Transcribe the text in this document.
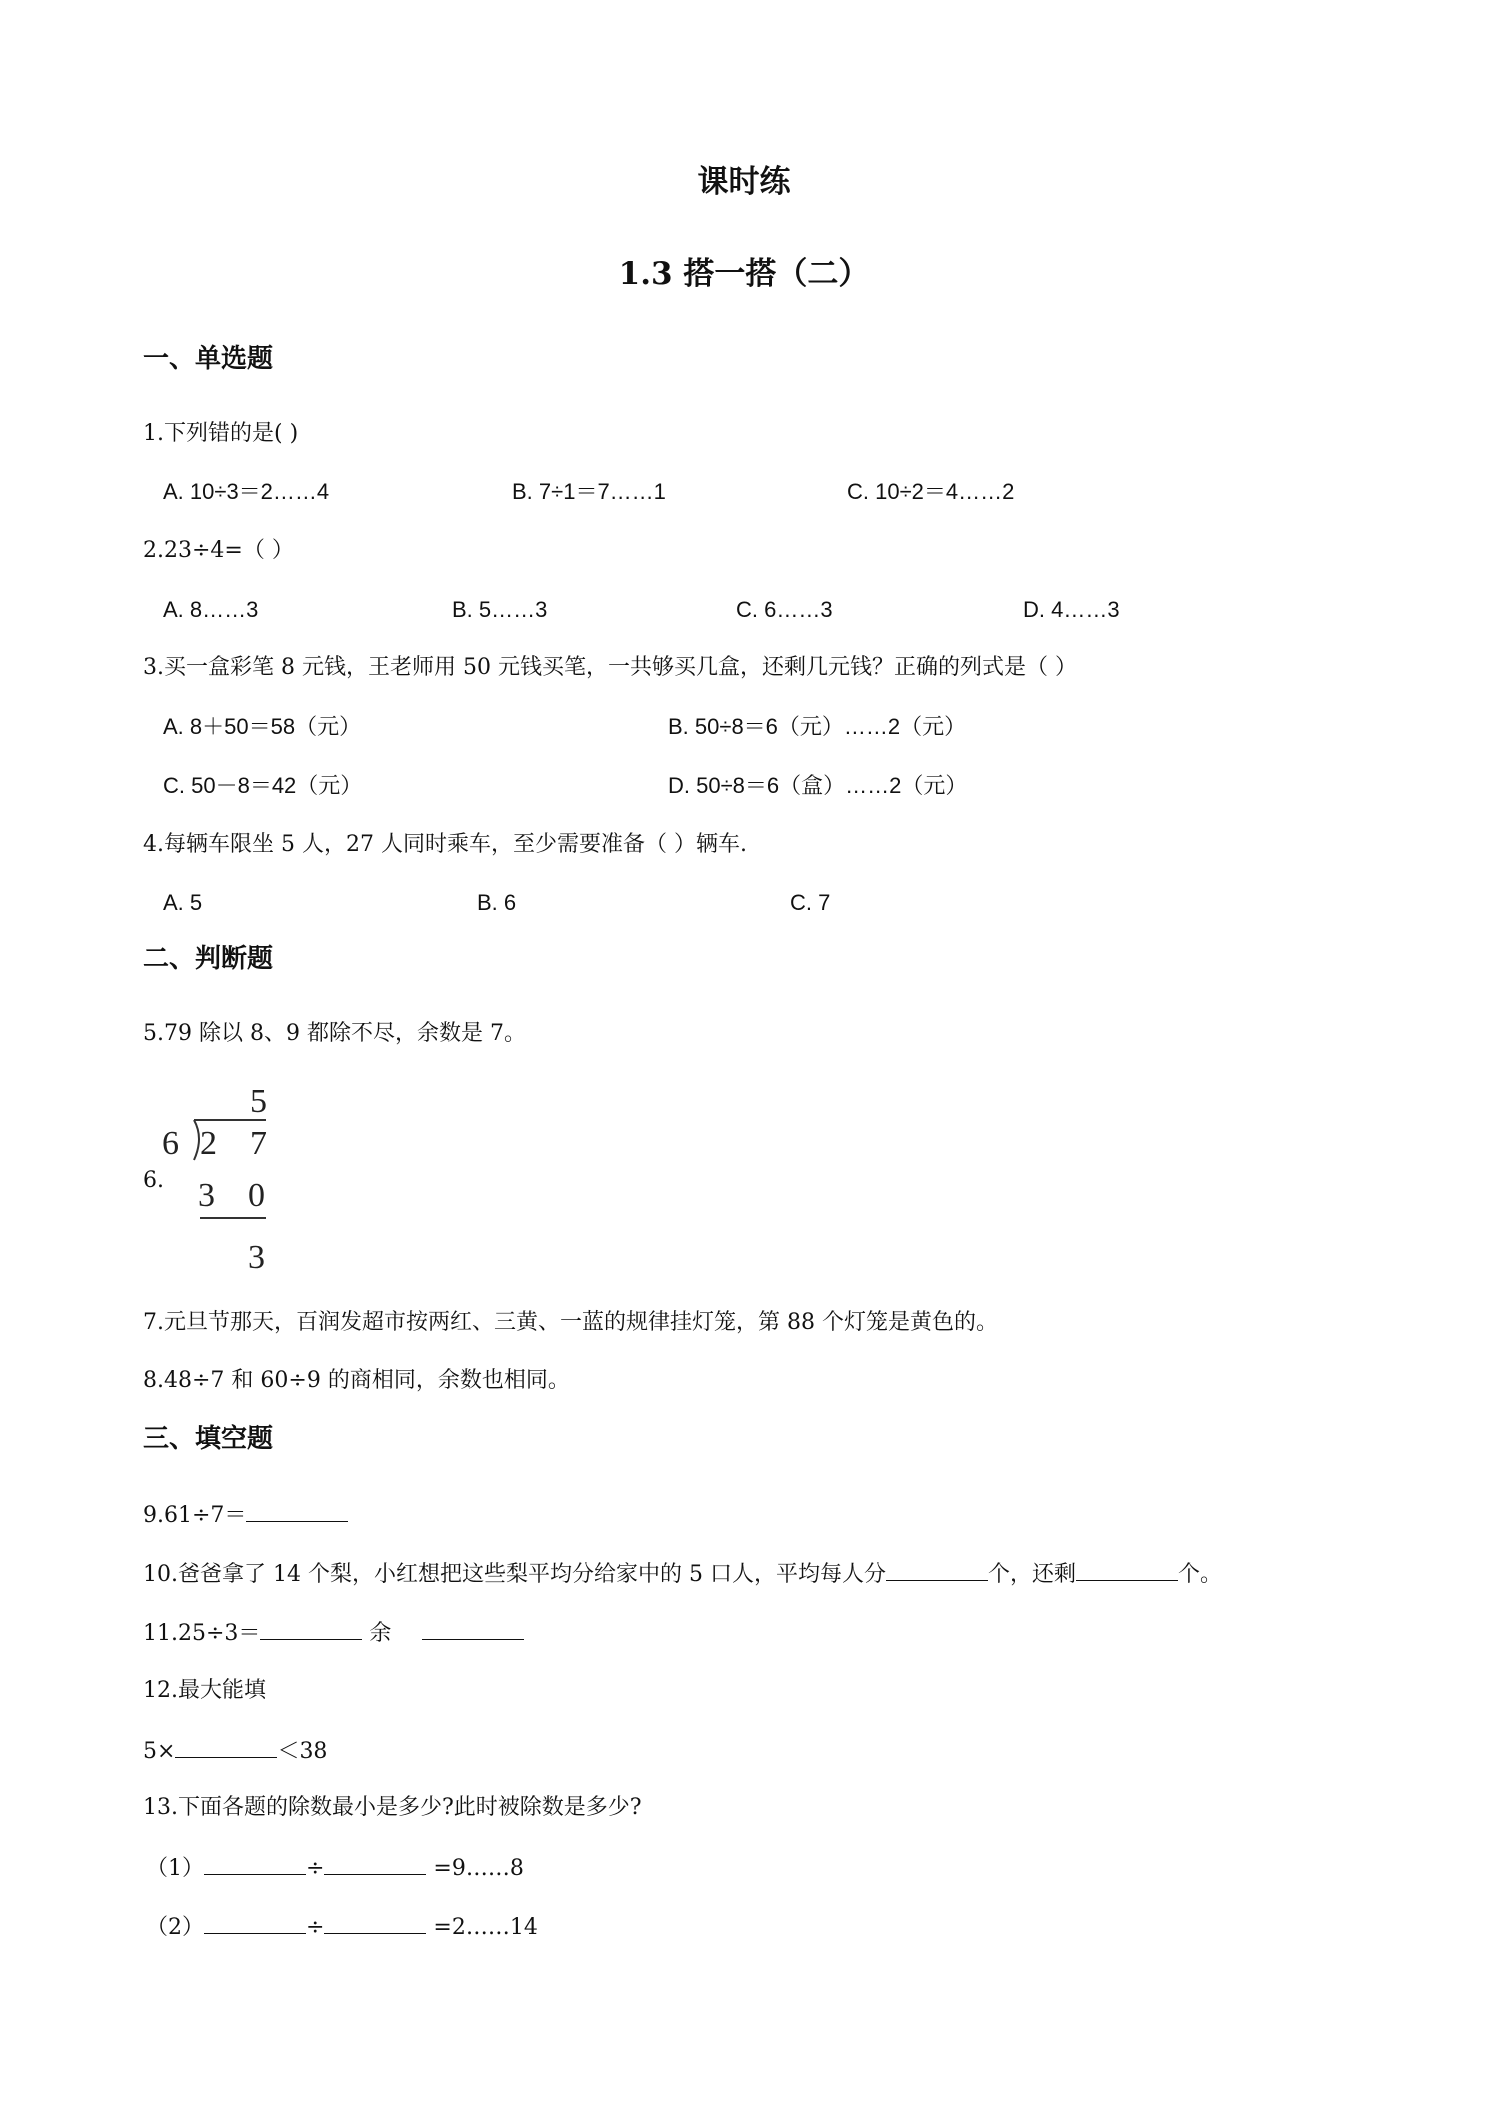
课时练
1.3 搭一搭（二）
一、单选题
1.下列错的是( )
A. 10÷3＝2……4	B. 7÷1＝7……1	C. 10÷2＝4……2
2.23÷4=（ ）
A. 8……3	B. 5……3	C. 6……3	D. 4……3
3.买一盒彩笔 8 元钱，王老师用 50 元钱买笔，一共够买几盒，还剩几元钱？正确的列式是（ ）
A. 8＋50＝58（元）	B. 50÷8＝6（元）……2（元）
C. 50－8＝42（元）	D. 50÷8＝6（盒）……2（元）
4.每辆车限坐 5 人，27 人同时乘车，至少需要准备（ ）辆车.
A. 5	B. 6	C. 7
二、判断题
5.79 除以 8、9 都除不尽，余数是 7。
6.
5
6 2 7
3 0
3
7.元旦节那天，百润发超市按两红、三黄、一蓝的规律挂灯笼，第 88 个灯笼是黄色的。
8.48÷7 和 60÷9 的商相同，余数也相同。
三、填空题
9.61÷7＝
10.爸爸拿了 14 个梨，小红想把这些梨平均分给家中的 5 口人，平均每人分	个，还剩	个。
11.25÷3＝	余
12.最大能填
5×	＜38
13.下面各题的除数最小是多少?此时被除数是多少?
（1）	÷	=9……8
（2）	÷	=2……14
